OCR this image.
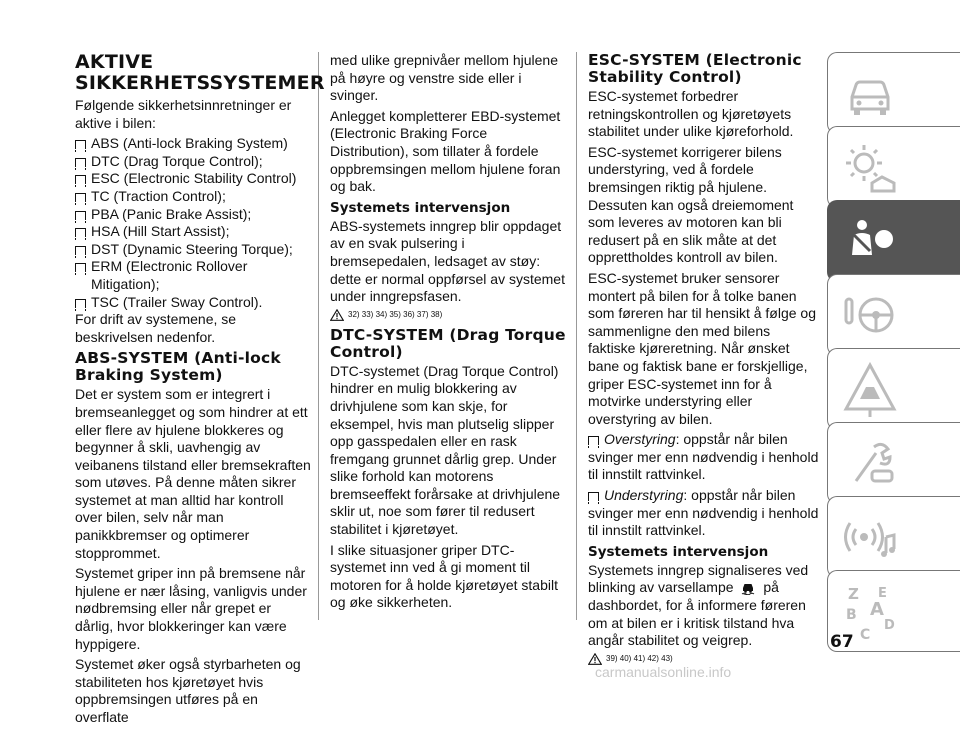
AKTIVE
SIKKERHETSSYSTEMER

Følgende sikkerhetsinnretninger er aktive i bilen:

ABS (Anti-lock Braking System)
DTC (Drag Torque Control);
ESC (Electronic Stability Control)
TC (Traction Control);
PBA (Panic Brake Assist);
HSA (Hill Start Assist);
DST (Dynamic Steering Torque);
ERM (Electronic Rollover Mitigation);
TSC (Trailer Sway Control).

For drift av systemene, se beskrivelsen nedenfor.

ABS-SYSTEM (Anti-lock Braking System)

Det er system som er integrert i bremseanlegget og som hindrer at ett eller flere av hjulene blokkeres og begynner å skli, uavhengig av veibanens tilstand eller bremsekraften som utøves. På denne måten sikrer systemet at man alltid har kontroll over bilen, selv når man panikkbremser og optimerer stopprommet.

Systemet griper inn på bremsene når hjulene er nær låsing, vanligvis under nødbremsing eller når grepet er dårlig, hvor blokkeringer kan være hyppigere.

Systemet øker også styrbarheten og stabiliteten hos kjøretøyet hvis oppbremsingen utføres på en overflate

med ulike grepnivåer mellom hjulene på høyre og venstre side eller i svinger.

Anlegget kompletterer EBD-systemet (Electronic Braking Force Distribution), som tillater å fordele oppbremsingen mellom hjulene foran og bak.

Systemets intervensjon

ABS-systemets inngrep blir oppdaget av en svak pulsering i bremsepedalen, ledsaget av støy: dette er normal oppførsel av systemet under inngrepsfasen.

32) 33) 34) 35) 36) 37) 38)
DTC-SYSTEM (Drag Torque Control)

DTC-systemet (Drag Torque Control) hindrer en mulig blokkering av drivhjulene som kan skje, for eksempel, hvis man plutselig slipper opp gasspedalen eller en rask fremgang grunnet dårlig grep. Under slike forhold kan motorens bremseeffekt forårsake at drivhjulene sklir ut, noe som fører til redusert stabilitet i kjøretøyet.

I slike situasjoner griper DTC-systemet inn ved å gi moment til motoren for å holde kjøretøyet stabilt og øke sikkerheten.

ESC-SYSTEM (Electronic Stability Control)

ESC-systemet forbedrer retningskontrollen og kjøretøyets stabilitet under ulike kjøreforhold.

ESC-systemet korrigerer bilens understyring, ved å fordele bremsingen riktig på hjulene. Dessuten kan også dreiemoment som leveres av motoren kan bli redusert på en slik måte at det opprettholdes kontroll av bilen.

ESC-systemet bruker sensorer montert på bilen for å tolke banen som føreren har til hensikt å følge og sammenligne den med bilens faktiske kjøreretning. Når ønsket bane og faktisk bane er forskjellige, griper ESC-systemet inn for å motvirke understyring eller overstyring av bilen.

Overstyring: oppstår når bilen svinger mer enn nødvendig i henhold til innstilt rattvinkel.

Understyring: oppstår når bilen svinger mer enn nødvendig i henhold til innstilt rattvinkel.

Systemets intervensjon

Systemets inngrep signaliseres ved blinking av varsellampe på dashbordet, for å informere føreren om at bilen er i kritisk tilstand hva angår stabilitet og veigrep.

39) 40) 41) 42) 43)
Z E
B
C
D
A
67
carmanualsonline.info
